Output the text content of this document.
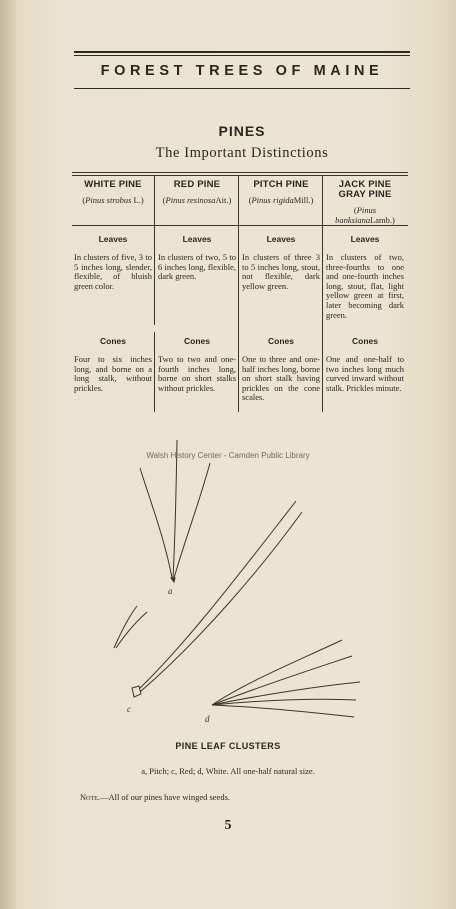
FOREST TREES OF MAINE
PINES
The Important Distinctions
WHITE PINE
(Pinus strobus L.)
Leaves
In clusters of five, 3 to 5 inches long, slender, flexible, of bluish green color.
Cones
Four to six inches long, and borne on a long stalk, without prickles.
RED PINE
(Pinus resinosaAit.)
Leaves
In clusters of two, 5 to 6 inches long, flexible, dark green.
Cones
Two to two and one-fourth inches long, borne on short stalks without prickles.
PITCH PINE
(Pinus rigidaMill.)
Leaves
In clusters of three 3 to 5 inches long, stout, not flexible, dark yellow green.
Cones
One to three and one-half inches long, borne on short stalk having prickles on the cone scales.
JACK PINE
GRAY PINE
(Pinus banksianaLamb.)
Leaves
In clusters of two, three-fourths to one and one-fourth inches long, stout, flat, light yellow green at first, later becoming dark green.
Cones
One and one-half to two inches long much curved inward without stalk. Prickles minute.
a
c
d
Walsh History Center - Camden Public Library
PINE LEAF CLUSTERS
a, Pitch; c, Red; d, White. All one-half natural size.
Note.—All of our pines have winged seeds.
5
